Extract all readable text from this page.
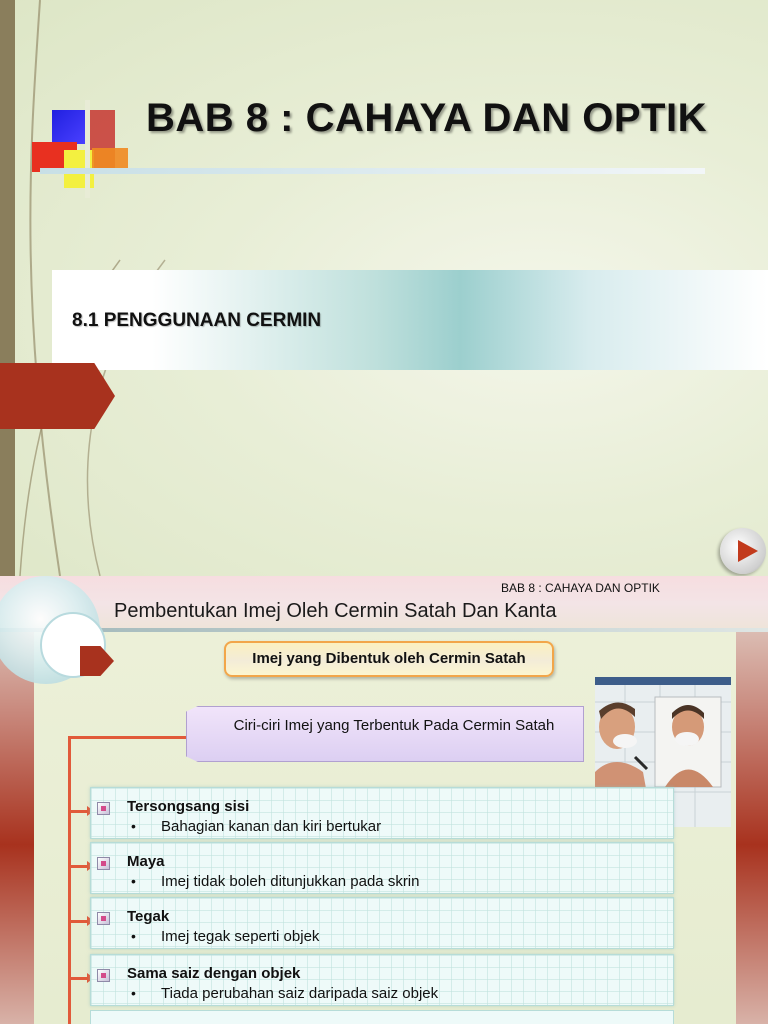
BAB 8 : CAHAYA DAN OPTIK
8.1 PENGGUNAAN CERMIN
BAB 8 : CAHAYA DAN OPTIK
Pembentukan Imej Oleh Cermin Satah Dan Kanta
Imej yang Dibentuk oleh Cermin Satah
Ciri-ciri Imej yang Terbentuk Pada Cermin Satah
Tersongsang sisi
• Bahagian kanan dan kiri bertukar
Maya
• Imej tidak boleh ditunjukkan pada skrin
Tegak
• Imej tegak seperti objek
Sama saiz dengan objek
• Tiada perubahan saiz daripada saiz objek
